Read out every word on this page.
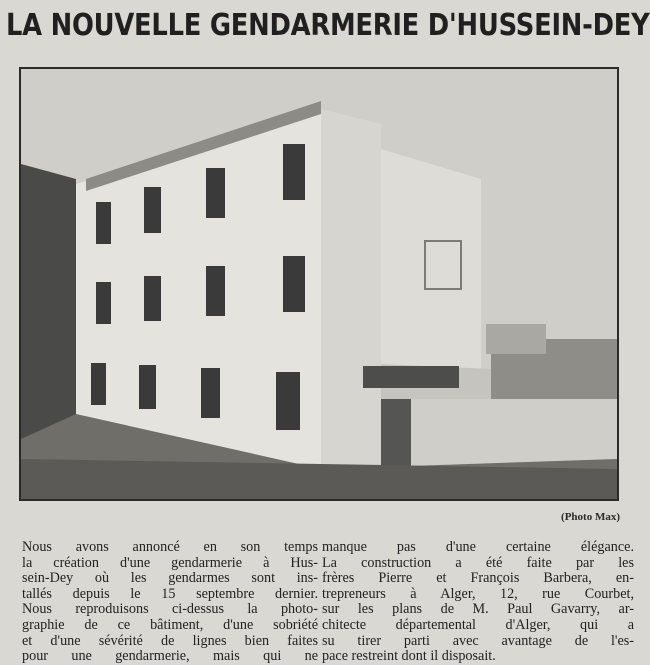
LA NOUVELLE GENDARMERIE D'HUSSEIN-DEY
(Photo Max)
Nous avons annoncé en son temps
la création d'une gendarmerie à Hus-
sein-Dey où les gendarmes sont ins-
tallés depuis le 15 septembre dernier.
Nous reproduisons ci-dessus la photo-
graphie de ce bâtiment, d'une sobriété
et d'une sévérité de lignes bien faites
pour une gendarmerie, mais qui ne
manque pas d'une certaine élégance.
La construction a été faite par les
frères Pierre et François Barbera, en-
trepreneurs à Alger, 12, rue Courbet,
sur les plans de M. Paul Gavarry, ar-
chitecte départemental d'Alger, qui a
su tirer parti avec avantage de l'es-
pace restreint dont il disposait.
